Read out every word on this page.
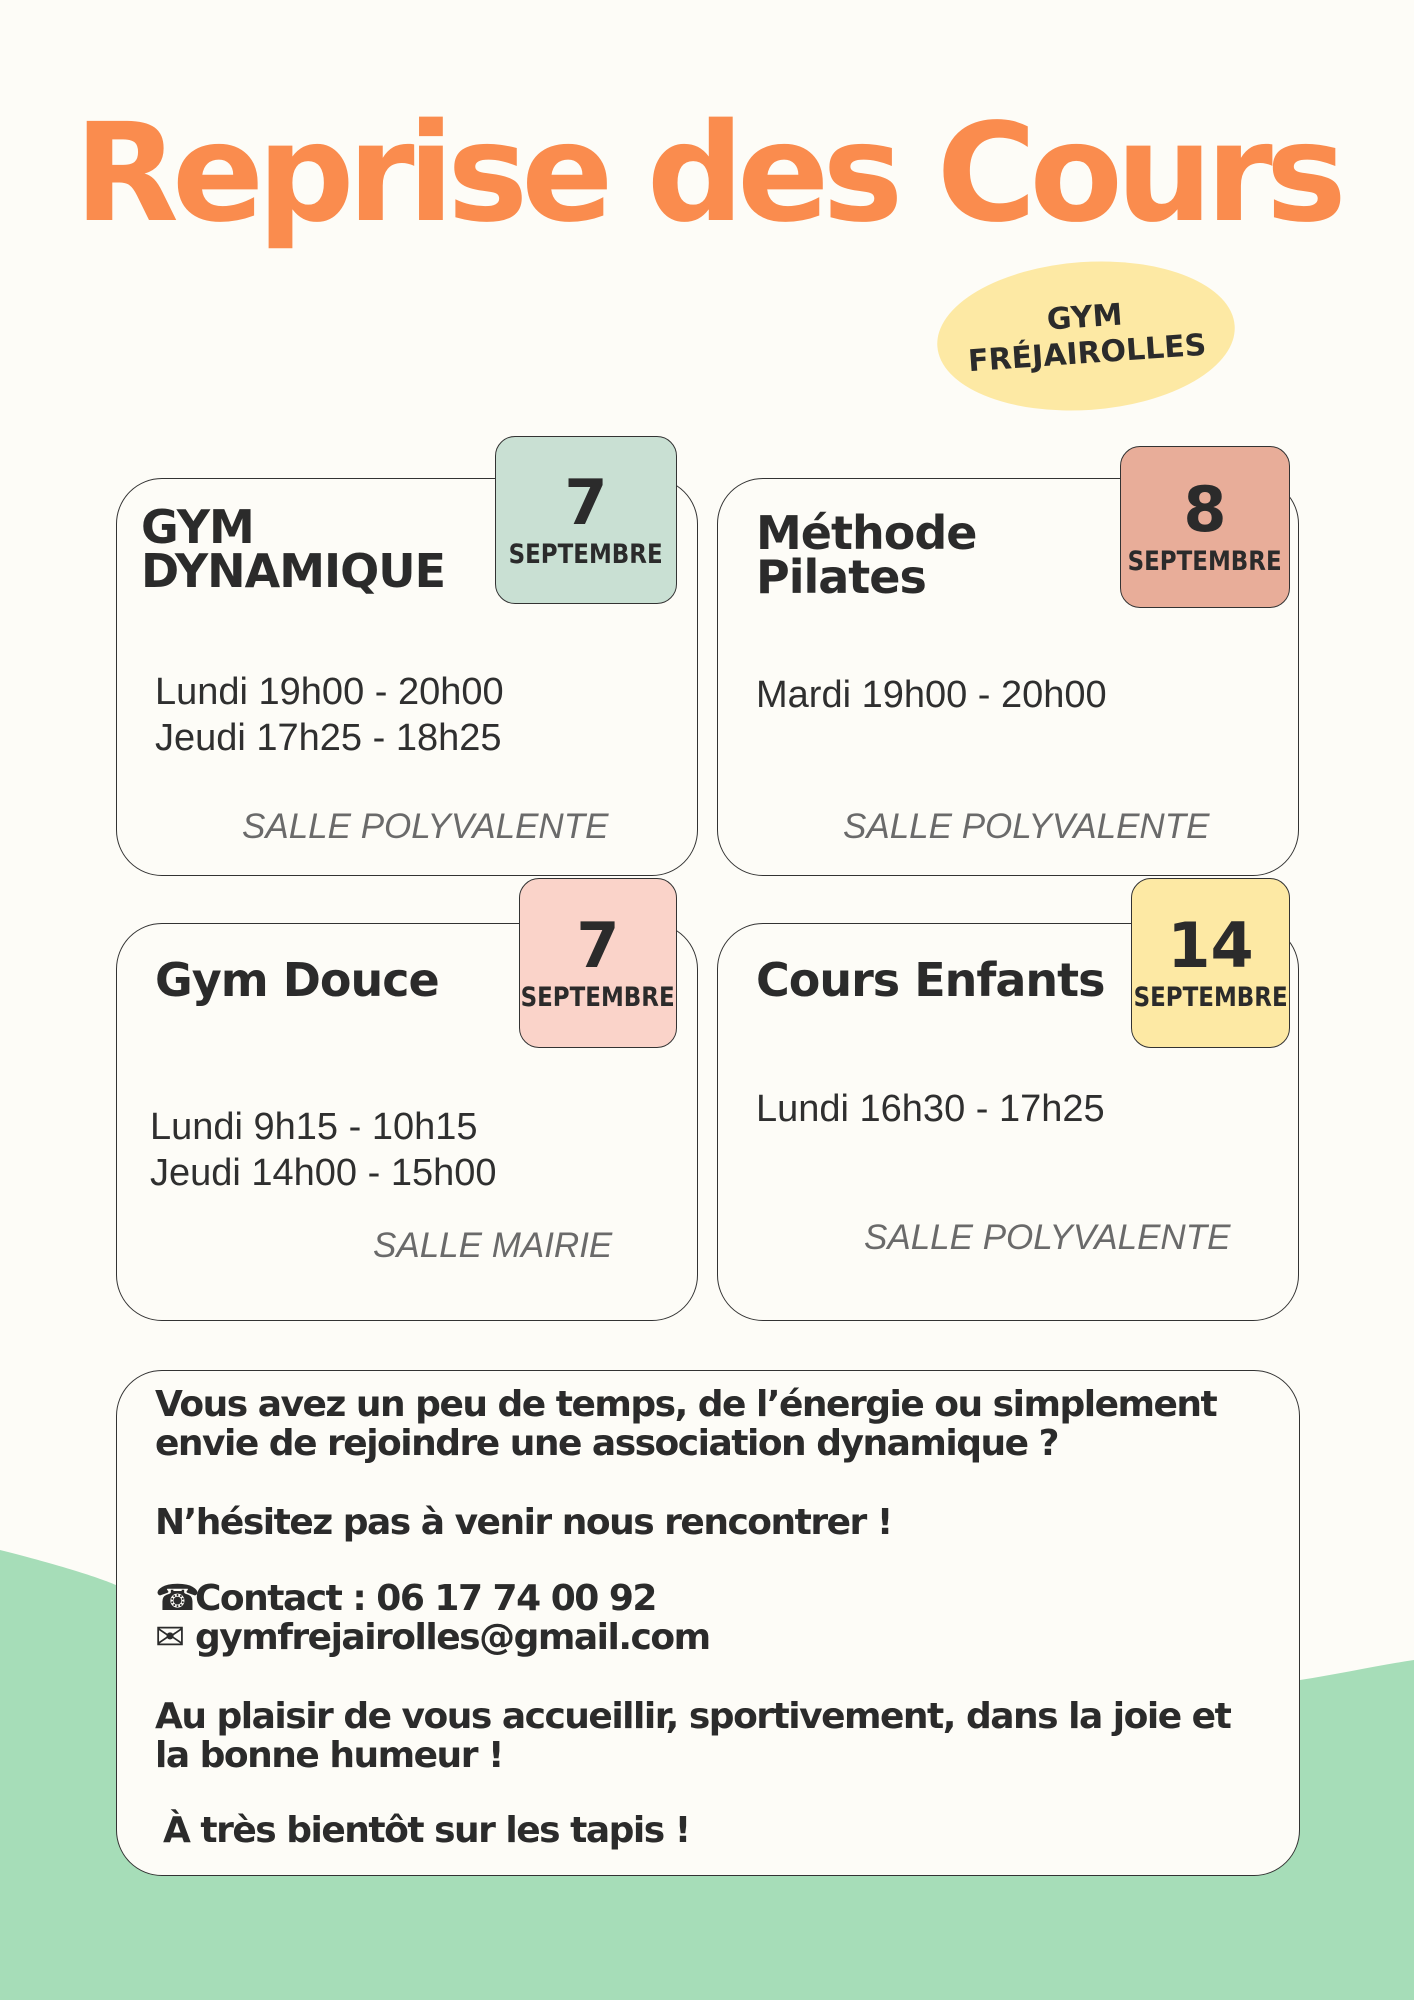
Reprise des Cours
GYM
FRÉJAIROLLES
GYM
DYNAMIQUE
Lundi 19h00 - 20h00
Jeudi 17h25 - 18h25
SALLE POLYVALENTE
7
SEPTEMBRE Méthode
Pilates
Mardi 19h00 - 20h00
SALLE POLYVALENTE
8
SEPTEMBRE
Gym Douce
Lundi 9h15 - 10h15
Jeudi 14h00 - 15h00
SALLE MAIRIE
7
SEPTEMBRE Cours Enfants
Lundi 16h30 - 17h25
SALLE POLYVALENTE
14
SEPTEMBRE

Vous avez un peu de temps, de l’énergie ou simplement
envie de rejoindre une association dynamique ?

N’hésitez pas à venir nous rencontrer !

☎Contact : 06 17 74 00 92
✉ gymfrejairolles@gmail.com

Au plaisir de vous accueillir, sportivement, dans la joie et
la bonne humeur !

À très bientôt sur les tapis !
